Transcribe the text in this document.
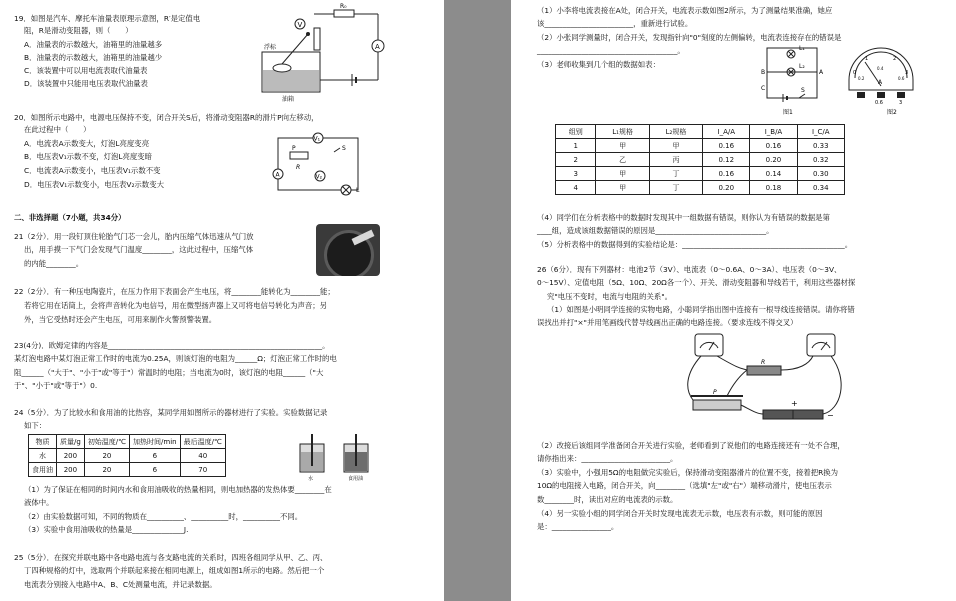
19．如图是汽车、摩托车油量表原理示意图，R′是定值电
阻，R是滑动变阻器，则（　　）
A．油量表的示数越大，油箱里的油量越多
B．油量表的示数越大，油箱里的油量越少
C．该装置中可以用电流表取代油量表
D．该装置中只能用电压表取代油量表
V
R₀
A
浮标
油箱
20．如图所示电路中，电源电压保持不变，闭合开关S后，将滑动变阻器R的滑片P向左移动，
在此过程中（　　）
A．电流表A示数变大，灯泡L亮度变亮
B．电压表V₁示数不变，灯泡L亮度变暗
C．电流表A示数变小，电压表V₁示数不变
D．电压表V₁示数变小，电压表V₂示数变大
V₁
P
R
A	V₂
L
S
二、非选择题（7小题，共34分）
21（2分）．用一段钉顶住轮胎气门芯一会儿，胎内压缩气体迅速从气门放
出，用手摸一下气门会发现气门温度________，这此过程中，压缩气体
的内能________。
22（2分）．有一种压电陶瓷片，在压力作用下表面会产生电压，将________能转化为________能；
若将它用在话筒上，会将声音转化为电信号，用在微型扬声器上又可将电信号转化为声音；另
外，当它受热时还会产生电压，可用来制作火警预警装置。
23(4分)．欧姆定律的内容是__________________________________________________________。
某灯泡电路中某灯泡正常工作时的电流为0.25A，则该灯泡的电阻为______Ω；灯泡正常工作时的电
阻______（"大于"、"小于"或"等于"）常温时的电阻；当电流为0时，该灯泡的电阻______（"大
于"、"小于"或"等于"）0.
24（5分）．为了比较水和食用油的比热容，某同学用如图所示的器材进行了实验。实验数据记录
如下：
物质	质量/g	初始温度/℃	加热时间/min	最后温度/℃
水	200	20	6	40
食用油	200	20	6	70
水	食用油
（1）为了保证在相同的时间内水和食用油吸收的热量相同，则电加热器的发热体要________在
液体中。
（2）由实验数据可知，不同的物质在__________、__________时，__________不同。
（3）实验中食用油吸收的热量是______________J.
25（5分）．在探究并联电路中各电路电流与各支路电流的关系时，四班各组同学从甲、乙、丙、
丁四种规格的灯中，选取两个并联起来接在相同电源上，组成如图1所示的电路。然后把一个
电流表分别接入电路中A、B、C处测量电流，并记录数据。
（1）小李将电流表接在A处，闭合开关，电流表示数如图2所示，为了测量结果准确，她应
该________________________，重新进行试验。
（2）小张同学测量时，闭合开关，发现指针向"0"刻度的左侧偏转，电流表连接存在的错误是
______________________________________。
（3）老师收集到几个组的数据如表：
L₁
L₂
B	A
C	S
图1
0
1	2
3
0.2
0.4
0.6
A
0.6	3
图2
组别	L₁规格	L₂规格	I_A/A	I_B/A	I_C/A
1	甲	甲	0.16	0.16	0.33
2	乙	丙	0.12	0.20	0.32
3	甲	丁	0.16	0.14	0.30
4	甲	丁	0.20	0.18	0.34
（4）同学们在分析表格中的数据时发现其中一组数据有错误，则你认为有错误的数据是第
____组，造成该组数据错误的原因是______________________________。
（5）分析表格中的数据得到的实验结论是：____________________________________________。
26（6分）．现有下列器材：电池2节（3V）、电流表（0～0.6A、0～3A）、电压表（0～3V、
0～15V）、定值电阻（5Ω、10Ω、20Ω各一个）、开关、滑动变阻器和导线若干，利用这些器材探
究"电压不变时，电流与电阻的关系"。
（1）如图是小明同学连接的实物电路，小聪同学指出图中连接有一根导线连接错误。请你将错
误找出并打"×"并用笔画线代替导线画出正确的电路连接。（要求连线不得交叉）
R
P
+
−
（2）改接后该组同学准备闭合开关进行实验，老师看到了说他们的电路连接还有一处不合理，
请你指出来：________________________。
（3）实验中，小强用5Ω的电阻做完实验后，保持滑动变阻器滑片的位置不变，接着把R换为
10Ω的电阻接入电路，闭合开关，向________（选填"左"或"右"）端移动滑片，使电压表示
数________时，读出对应的电流表的示数。
（4）另一实验小组的同学闭合开关时发现电流表无示数，电压表有示数，则可能的原因
是：________________。
